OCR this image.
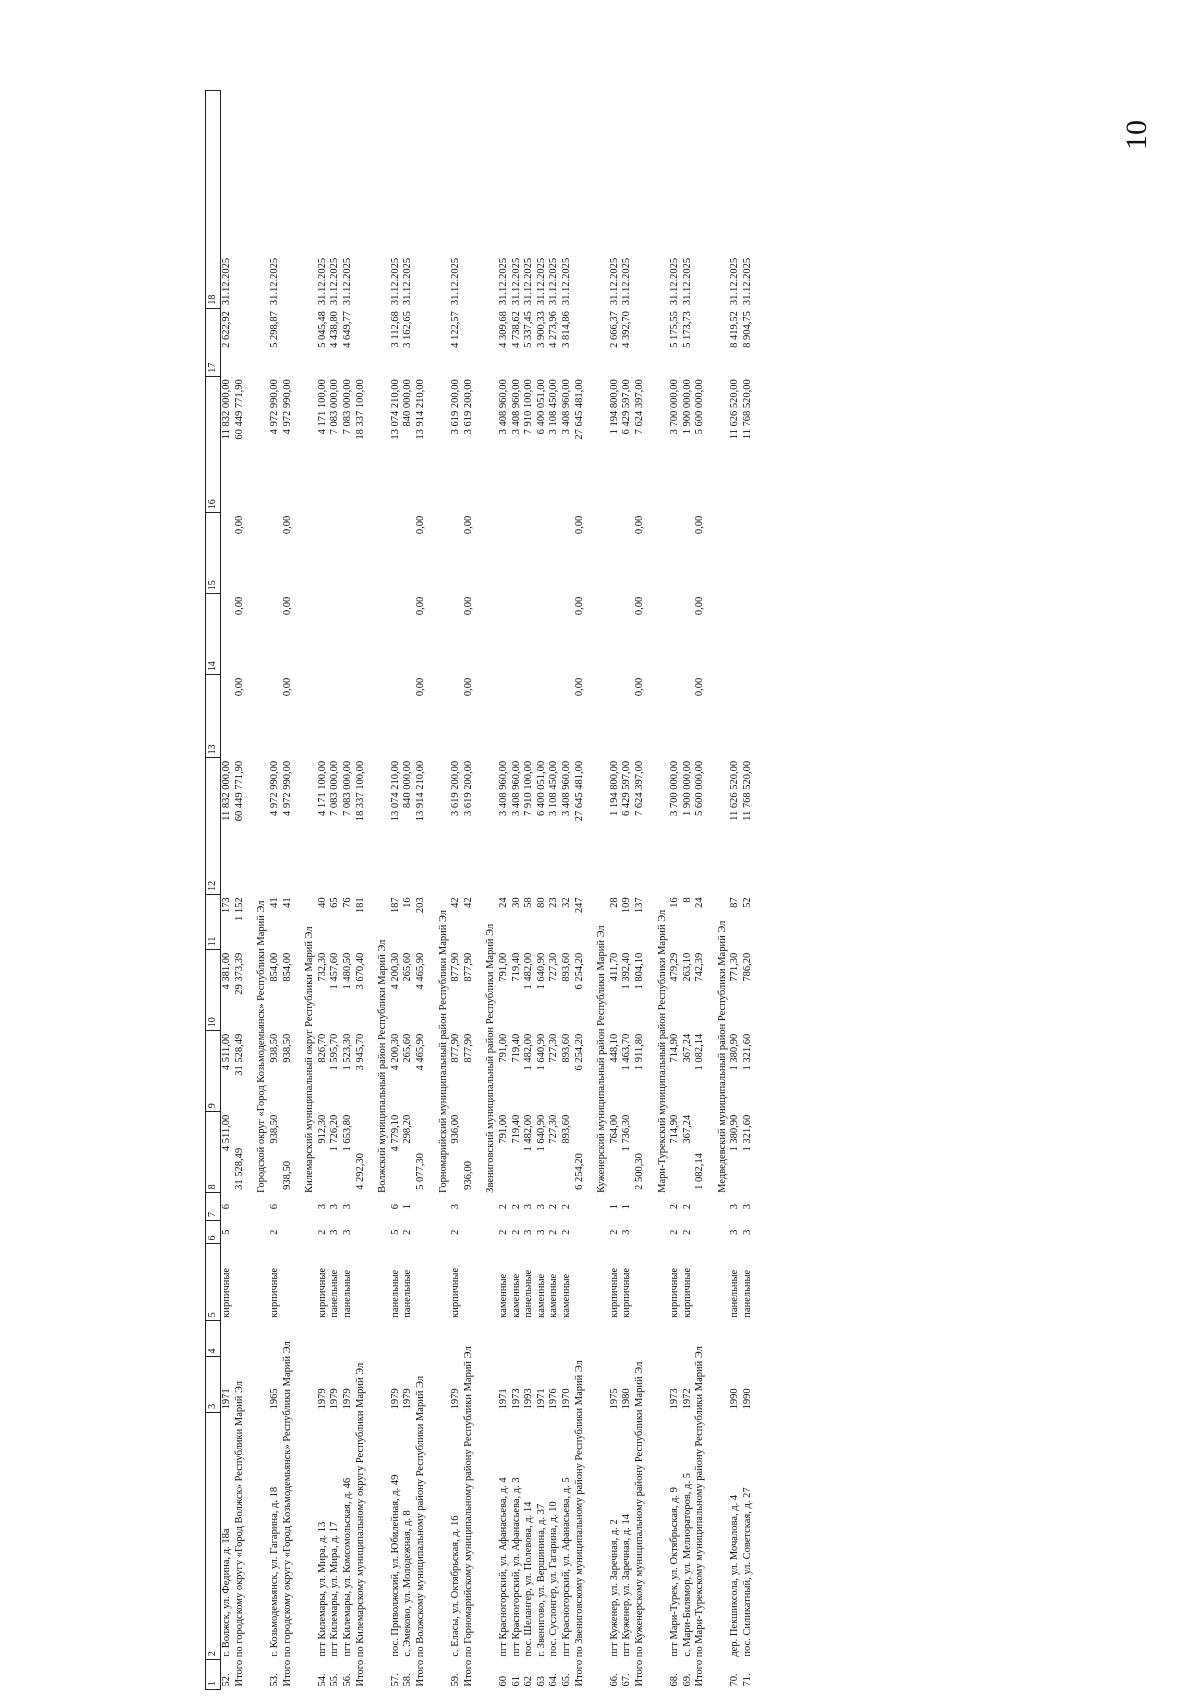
10
1	2	3	4	5	6	7	8	9	10	11	12	13	14	15	16	17	18
52.	г. Волжск, ул. Федина, д. 18а	1971		кирпичные	5	6	4 511,00	4 511,00	4 381,00	173	11 832 000,00				11 832 000,00	2 622,92	31.12.2025
Итого по городскому округу «Город Волжск» Республики Марий Эл							31 528,49	31 528,49	29 373,39	1 152	60 449 771,90	0,00	0,00	0,00	60 449 771,90		

							Городской округ «Город Козьмодемьянск» Республики Марий Эл										
53.	г. Козьмодемьянск, ул. Гагарина, д. 18	1965		кирпичные	2	6	938,50	938,50	854,00	41	4 972 990,00				4 972 990,00	5 298,87	31.12.2025
Итого по городскому округу «Город Козьмодемьянск» Республики Марий Эл							938,50	938,50	854,00	41	4 972 990,00	0,00	0,00	0,00	4 972 990,00		

							Килемарский муниципальный округ Республики Марий Эл										
54.	пгт Килемары, ул. Мира, д. 13	1979		кирпичные	2	3	912,30	826,70	732,30	40	4 171 100,00				4 171 100,00	5 045,48	31.12.2025
55.	пгт Килемары, ул. Мира, д. 17	1979		панельные	3	3	1 726,20	1 595,70	1 457,60	65	7 083 000,00				7 083 000,00	4 438,80	31.12.2025
56.	пгт Килемары, ул. Комсомольская, д. 46	1979		панельные	3	3	1 653,80	1 523,30	1 480,50	76	7 083 000,00				7 083 000,00	4 649,77	31.12.2025
Итого по Килемарскому муниципальному округу Республики Марий Эл							4 292,30	3 945,70	3 670,40	181	18 337 100,00				18 337 100,00		

							Волжский муниципальный район Республики Марий Эл										
57.	пос. Приволжский, ул. Юбилейная, д. 49	1979		панельные	5	6	4 779,10	4 200,30	4 200,30	187	13 074 210,00				13 074 210,00	3 112,68	31.12.2025
58.	с. Эмеково, ул. Молодежная, д. 8	1979		панельные	2	1	298,20	265,60	265,60	16	840 000,00				840 000,00	3 162,65	31.12.2025
Итого по Волжскому муниципальному району Республики Марий Эл							5 077,30	4 465,90	4 465,90	203	13 914 210,00	0,00	0,00	0,00	13 914 210,00		

							Горномарийский муниципальный район Республики Марий Эл										
59.	с. Еласы, ул. Октябрьская, д. 16	1979		кирпичные	2	3	936,00	877,90	877,90	42	3 619 200,00				3 619 200,00	4 122,57	31.12.2025
Итого по Горномарийскому муниципальному району Республики Марий Эл							936,00	877,90	877,90	42	3 619 200,00	0,00	0,00	0,00	3 619 200,00		

							Звениговский муниципальный район Республики Марий Эл										
60	пгт Красногорский, ул. Афанасьева, д. 4	1971		каменные	2	2	791,00	791,00	791,00	24	3 408 960,00				3 408 960,00	4 309,68	31.12.2025
61	пгт Красногорский, ул. Афанасьева, д. 3	1973		каменные	2	2	719,40	719,40	719,40	30	3 408 960,00				3 408 960,00	4 738,62	31.12.2025
62	пос. Шелангер, ул. Полевова, д. 14	1993		панельные	3	3	1 482,00	1 482,00	1 482,00	58	7 910 100,00				7 910 100,00	5 337,45	31.12.2025
63	г. Звенигово, ул. Вершинина, д. 37	1971		каменные	3	3	1 640,90	1 640,90	1 640,90	80	6 400 051,00				6 400 051,00	3 900,33	31.12.2025
64.	пос. Суслонгер, ул. Гагарина, д. 10	1976		каменные	2	2	727,30	727,30	727,30	23	3 108 450,00				3 108 450,00	4 273,96	31.12.2025
65.	пгт Красногорский, ул. Афанасьева, д. 5	1970		каменные	2	2	893,60	893,60	893,60	32	3 408 960,00				3 408 960,00	3 814,86	31.12.2025
Итого по Звениговскому муниципальному району Республики Марий Эл							6 254,20	6 254,20	6 254,20	247	27 645 481,00	0,00	0,00	0,00	27 645 481,00		

							Куженерский муниципальный район Республики Марий Эл										
66.	пгт Куженер, ул. Заречная, д. 2	1975		кирпичные	2	1	764,00	448,10	411,70	28	1 194 800,00				1 194 800,00	2 666,37	31.12.2025
67.	пгт Куженер, ул. Заречная, д. 14	1980		кирпичные	3	1	1 736,30	1 463,70	1 392,40	109	6 429 597,00				6 429 597,00	4 392,70	31.12.2025
Итого по Куженерскому муниципальному району Республики Марий Эл							2 500,30	1 911,80	1 804,10	137	7 624 397,00	0,00	0,00	0,00	7 624 397,00		

							Мари-Турекский муниципальный район Республики Марий Эл										
68.	пгт Мари-Турек, ул. Октябрьская, д. 9	1973		кирпичные	2	2	714,90	714,90	479,29	16	3 700 000,00				3 700 000,00	5 175,55	31.12.2025
69.	с. Мари-Билямор, ул. Мелиораторов, д. 5	1972		кирпичные	2	2	367,24	367,24	263,10	8	1 900 000,00				1 900 000,00	5 173,73	31.12.2025
Итого по Мари-Турекскому муниципальному району Республики Марий Эл							1 082,14	1 082,14	742,39	24	5 600 000,00	0,00	0,00	0,00	5 600 000,00		

							Медведевский муниципальный район Республики Марий Эл										
70.	дер. Пекшиксола, ул. Мочалова, д. 4	1990		панельные	3	3	1 380,90	1 380,90	771,30	87	11 626 520,00				11 626 520,00	8 419,52	31.12.2025
71.	пос. Силикатный, ул. Советская, д. 27	1990		панельные	3	3	1 321,60	1 321,60	786,20	52	11 768 520,00				11 768 520,00	8 904,75	31.12.2025
